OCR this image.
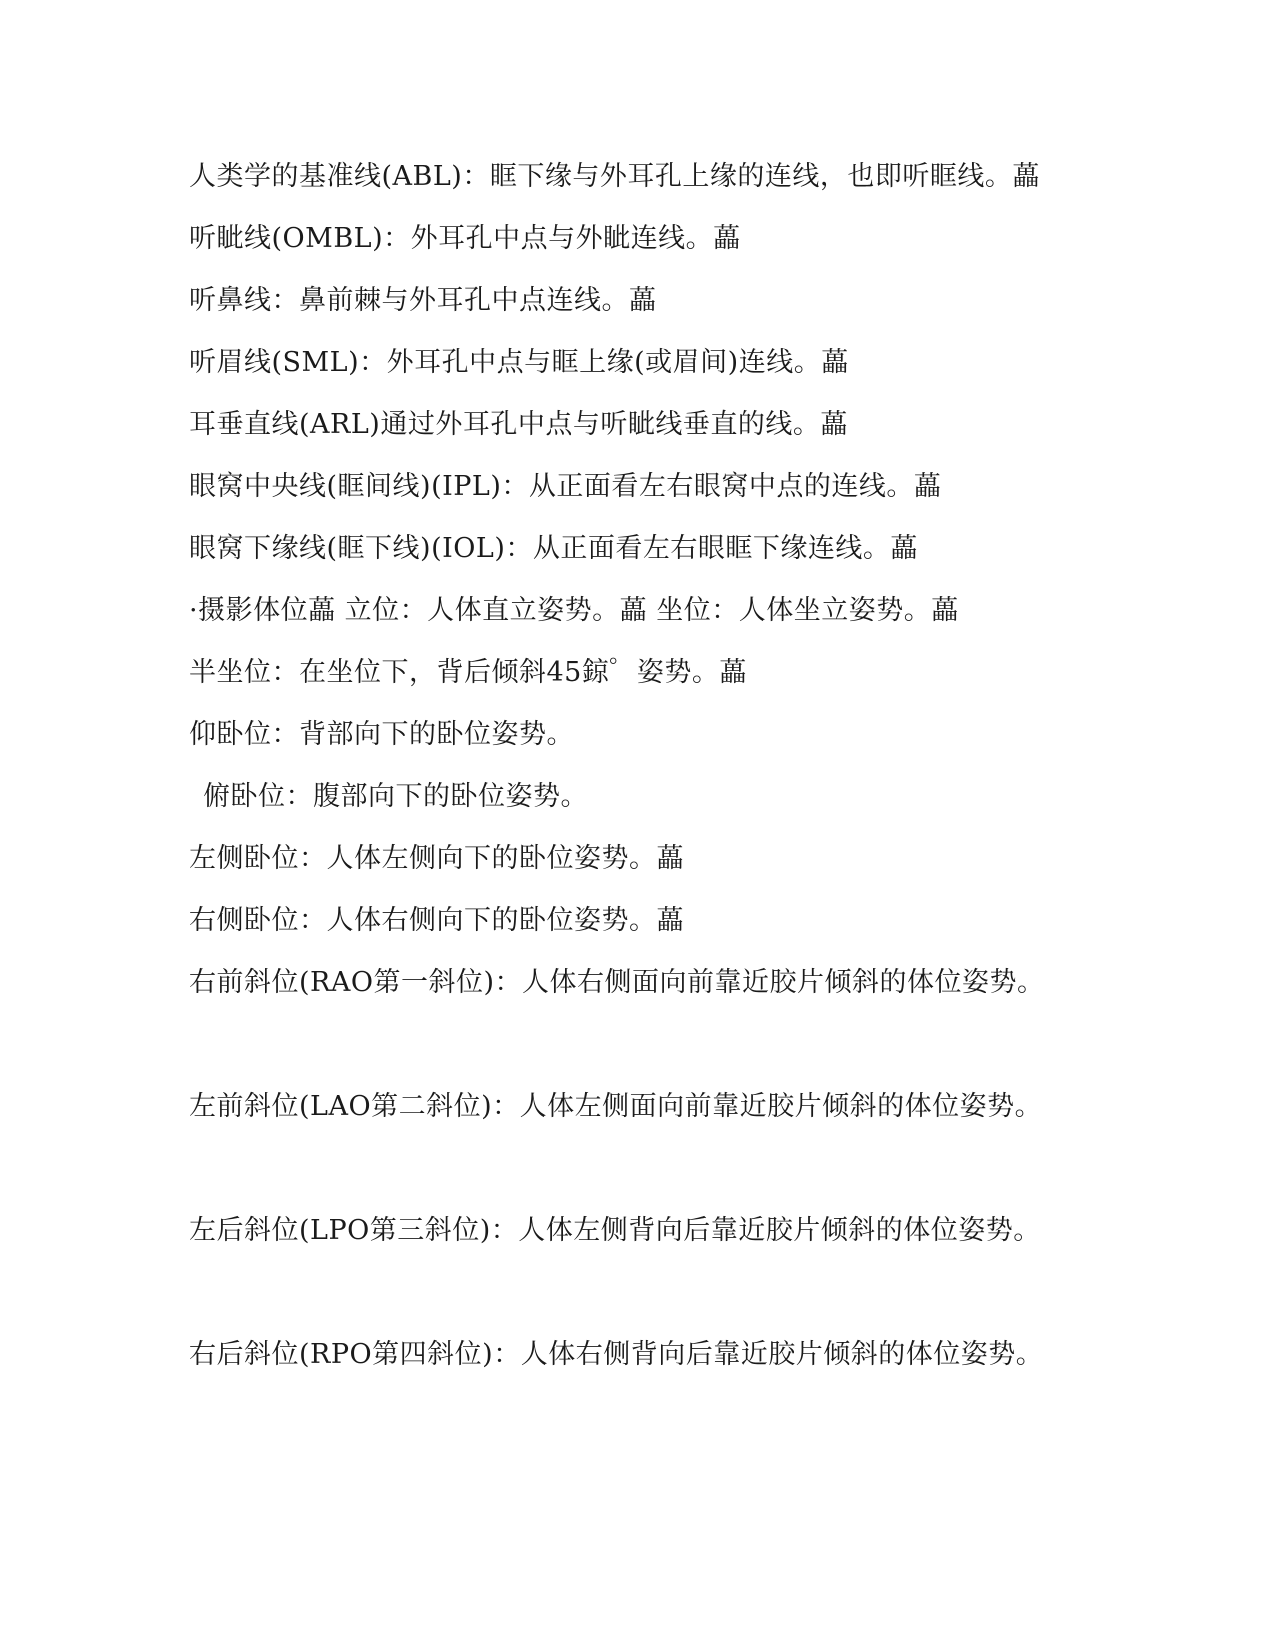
人类学的基准线(ABL)：眶下缘与外耳孔上缘的连线，也即听眶线。藟
听眦线(OMBL)：外耳孔中点与外眦连线。藟
听鼻线：鼻前棘与外耳孔中点连线。藟
听眉线(SML)：外耳孔中点与眶上缘(或眉间)连线。藟
耳垂直线(ARL)通过外耳孔中点与听眦线垂直的线。藟
眼窝中央线(眶间线)(IPL)：从正面看左右眼窝中点的连线。藟
眼窝下缘线(眶下线)(IOL)：从正面看左右眼眶下缘连线。藟
·摄影体位藟 立位：人体直立姿势。藟 坐位：人体坐立姿势。藟
半坐位：在坐位下，背后倾斜45鍄゜姿势。藟
仰卧位：背部向下的卧位姿势。
俯卧位：腹部向下的卧位姿势。
左侧卧位：人体左侧向下的卧位姿势。藟
右侧卧位：人体右侧向下的卧位姿势。藟
右前斜位(RAO第一斜位)：人体右侧面向前靠近胶片倾斜的体位姿势。
左前斜位(LAO第二斜位)：人体左侧面向前靠近胶片倾斜的体位姿势。
左后斜位(LPO第三斜位)：人体左侧背向后靠近胶片倾斜的体位姿势。
右后斜位(RPO第四斜位)：人体右侧背向后靠近胶片倾斜的体位姿势。
